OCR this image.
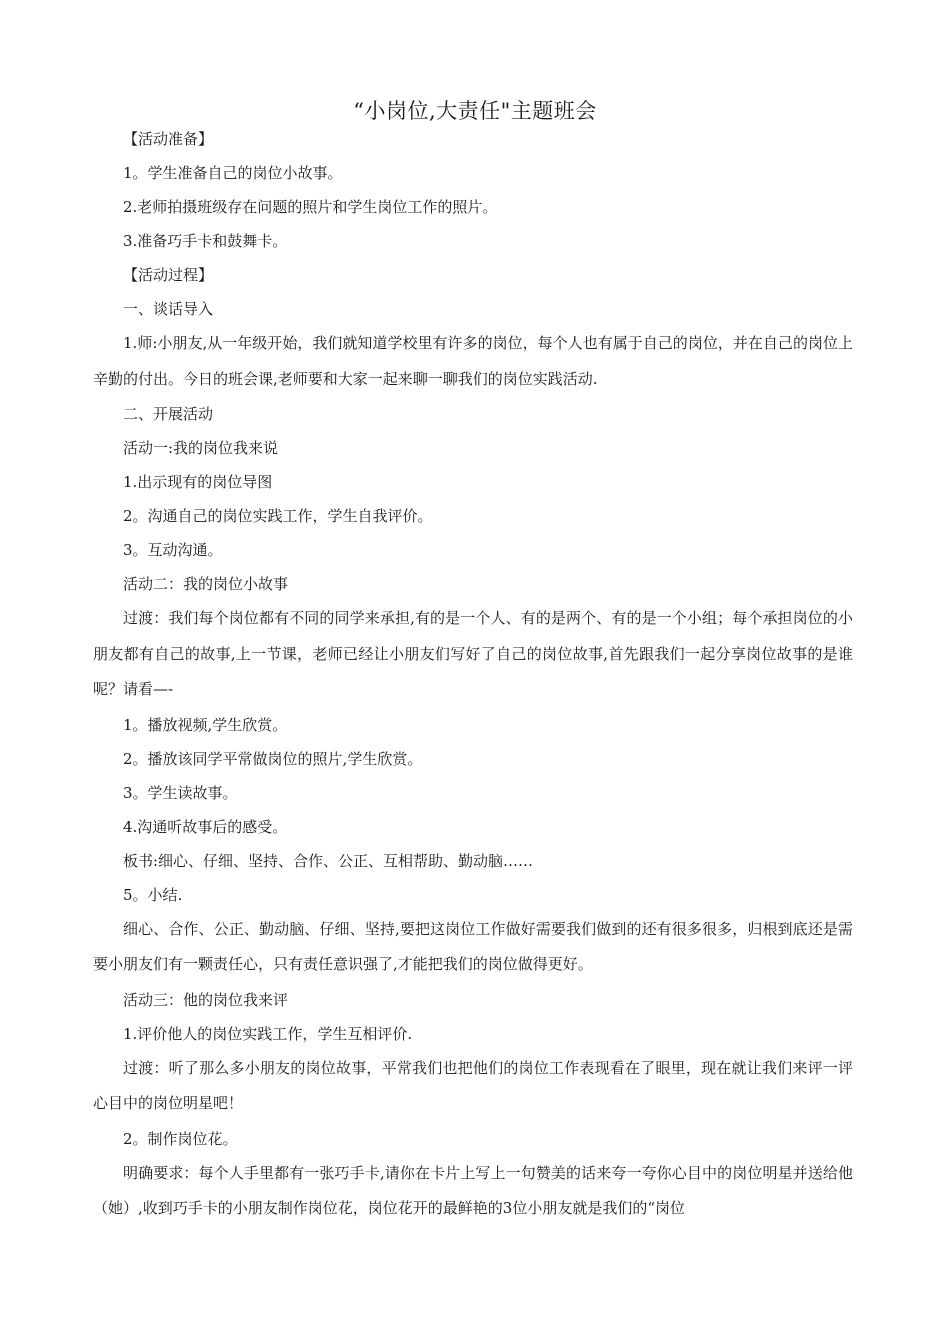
“小岗位,大责任"主题班会

【活动准备】

1。学生准备自己的岗位小故事。

2.老师拍摄班级存在问题的照片和学生岗位工作的照片。

3.准备巧手卡和鼓舞卡。

【活动过程】

一、谈话导入

1.师:小朋友,从一年级开始，我们就知道学校里有许多的岗位，每个人也有属于自己的岗位，并在自己的岗位上辛勤的付出。今日的班会课,老师要和大家一起来聊一聊我们的岗位实践活动.

二、开展活动

活动一:我的岗位我来说

1.出示现有的岗位导图

2。沟通自己的岗位实践工作，学生自我评价。

3。互动沟通。

活动二：我的岗位小故事

过渡：我们每个岗位都有不同的同学来承担,有的是一个人、有的是两个、有的是一个小组；每个承担岗位的小朋友都有自己的故事,上一节课，老师已经让小朋友们写好了自己的岗位故事,首先跟我们一起分享岗位故事的是谁呢？请看—-

1。播放视频,学生欣赏。

2。播放该同学平常做岗位的照片,学生欣赏。

3。学生读故事。

4.沟通听故事后的感受。

板书:细心、仔细、坚持、合作、公正、互相帮助、勤动脑……

5。小结.

细心、合作、公正、勤动脑、仔细、坚持,要把这岗位工作做好需要我们做到的还有很多很多，归根到底还是需要小朋友们有一颗责任心，只有责任意识强了,才能把我们的岗位做得更好。

活动三：他的岗位我来评

1.评价他人的岗位实践工作，学生互相评价.

过渡：听了那么多小朋友的岗位故事，平常我们也把他们的岗位工作表现看在了眼里，现在就让我们来评一评心目中的岗位明星吧！

2。制作岗位花。

明确要求：每个人手里都有一张巧手卡,请你在卡片上写上一句赞美的话来夸一夸你心目中的岗位明星并送给他（她）,收到巧手卡的小朋友制作岗位花，岗位花开的最鲜艳的3位小朋友就是我们的“岗位
